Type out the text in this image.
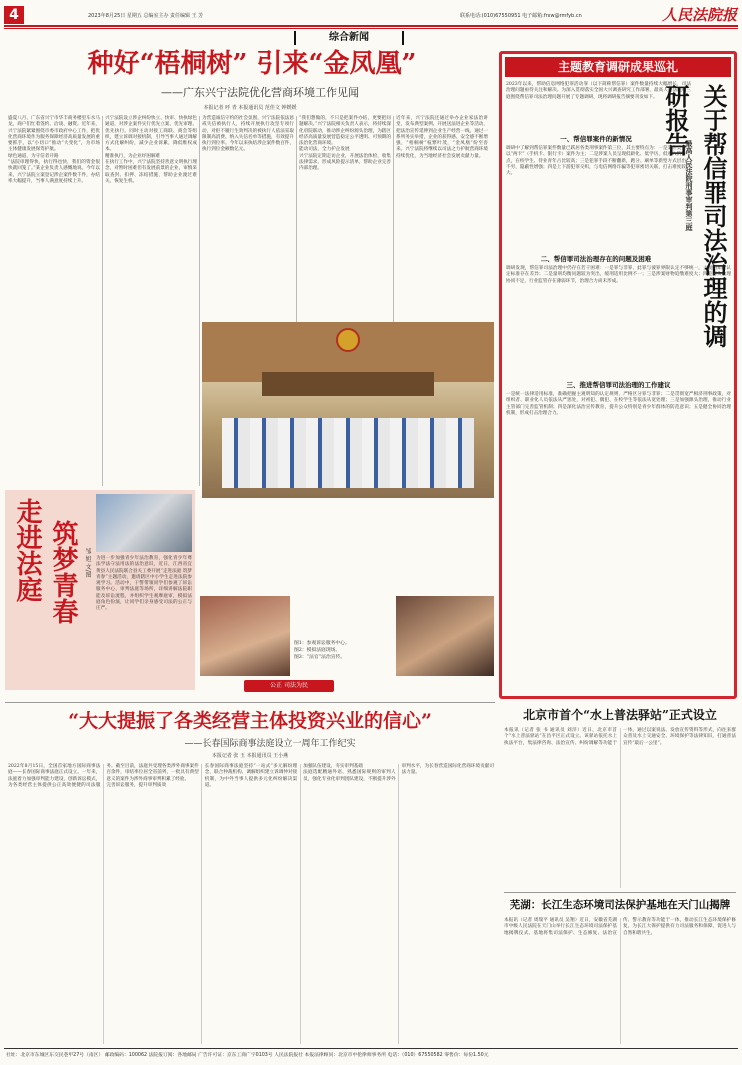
4	2023年8月25日 星期五 总编室主办 责任编辑 王 芳	联系电话:(010)67550951 电子邮箱:frxw@rmfyb.cn	人民法院报
综合新闻
种好“梧桐树” 引来“金凤凰”
——广东兴宁法院优化营商环境工作见闻
本报记者 呼 青 本报通讯员 范佳文 钟媛媛
盛夏八月，广东省兴宁市华丰商务楼里车水马龙，商户们忙着签约、洽谈、融资。近年来，兴宁法院紧紧围绕市委市政府中心工作，把优化营商环境作为服务保障经济高质量发展的重要抓手，以“小切口”推动“大变化”，为市场主体健康发展保驾护航。
绿色通道，为守信者开路
“法院审理得快，执行得也快，我们的资金很快就回笼了。”某企业负责人感慨地说。今年以来，兴宁法院立案登记涉企案件数千件，办结率大幅提升，当事人满意度持续上升。
兴宁法院设立涉企纠纷快立、快审、快执绿色通道，对涉企案件实行优先立案、优先审理、优先执行。同时主动对接工商联、商会等组织，建立诉调对接机制，引导当事人通过调解方式化解纠纷，减少企业诉累，降低维权成本。
精准执行，为企业纾困解难
在执行工作中，兴宁法院坚持善意文明执行理念，对暂时困难但有发展前景的企业，审慎采取查封、扣押、冻结措施，帮助企业渡过难关、恢复生机。
为营造诚信守约的社会氛围，兴宁法院依法惩戒失信被执行人，持续开展执行攻坚专项行动，对拒不履行生效判决的被执行人依法采取限制高消费、纳入失信名单等措施，有效提升执行到位率。今年以来执结涉企案件数百件，执行到位金额数亿元。
“我们想做的，不只是把案件办结，更要把问题解决。”兴宁法院相关负责人表示，将持续深化府院联动，推动涉企纠纷源头治理，为辖区经济高质量发展营造稳定公平透明、可预期的法治化营商环境。
能动司法，全力护企发展
兴宁法院定期走访企业，开展法治体检，收集法律需求，形成风险提示清单，帮助企业完善内部治理。
近年来，兴宁法院还通过举办企业家法治讲堂、发布典型案例、开展送法进企业等活动，把法治宣传延伸到企业生产经营一线。通过一系列务实举措，企业的获得感、安全感不断增强，“梧桐树”枝繁叶茂，“金凤凰”纷至沓来。兴宁法院将继续以司法之力护航营商环境持续优化，为当地经济社会发展贡献力量。
主题教育调研成果巡礼
2023年以来，帮助信息网络犯罪活动罪（以下简称帮信罪）案件数量持续大幅增长，司法治理问题亟待关注和解决。为深入贯彻落实全国大兴调查研究工作部署，最高人民法院刑三庭围绕帮信罪司法治理问题开展了专题调研，现将调研报告摘要刊发如下。	关于帮信罪司法治理的调研报告
最高人民法院刑事审判第三庭
一、帮信罪案件的新情况
调研中了解到帮信罪案件数量已跃居各类刑事案件第三位，其主要特点为：一是案件类型以“两卡”（手机卡、银行卡）案件为主；二是涉案人员呈现低龄化、低学历、低收入的特点，在校学生、待业青年占比较高；三是犯罪手段不断翻新，跑分、刷单等新型方式层出不穷，隐蔽性增强；四是上下游犯罪交织，与电信网络诈骗等犯罪密切关联，打击难度较大。
二、帮信罪司法治理存在的问题及困难
调研发现，帮信罪司法治理中仍存在若干困难：一是罪与非罪、此罪与彼罪界限认定不够统一，主观明知的认定标准存在差异；二是量刑均衡问题较为突出，缓刑适用比例不一；三是涉案财物追缴难度大；四是源头治理协同不足，行业监管存在薄弱环节，治理合力尚未形成。
三、推进帮信罪司法治理的工作建议
一是统一法律适用标准，准确把握主观明知的认定规则，严格区分罪与非罪；二是贯彻宽严相济刑事政策，对组织者、职业化人员依法从严惩处，对初犯、偶犯、在校学生等依法从宽处理；三是加强源头治理，推动行业主管部门完善监管机制；四是深化法治宣传教育，提升公众特别是青少年群体的防范意识；五是健全协同治理机制，形成打击治理合力。
走进法庭 筑梦青春	邹 旭 文/图 为进一步加强青少年法治教育，强化青少年尊法学法守法用法的法治意识，近日，江西省宜黄县人民法院联合县关工委开展“走进法庭 筑梦青春”主题活动，邀请辖区中小学生走进法院参观学习。活动中，干警带领同学们参观了诉讼服务中心、审判法庭等场所，详细讲解法院职能及诉讼流程，并组织学生观摩庭审，模拟法庭角色扮演，让同学们亲身感受司法的公正与庄严。
图1：参观诉讼服务中心。
图2：模拟法庭现场。
图3：“法官”法治宣传。
公正 司法为民
“大大提振了各类经营主体投资兴业的信心”
——长春国际商事法庭设立一周年工作纪实
本报记者 张 玉 本报通讯员 王小燕
2022年8月15日，全国首家地方国际商事法庭——长春国际商事法庭正式设立。一年来，法庭着力加强审判能力建设，创新诉讼模式，为各类经营主体提供公正高效便捷的司法服务。截至目前，法庭共受理各类涉外商事案件百余件，审结率位居全省前列，一批具有典型意义的案件为涉外商事审判积累了经验。
完善诉讼服务，提升审判质效
长春国际商事法庭坚持“一站式”多元解纷理念，联合仲裁机构、调解组织建立诉调仲对接机制，为中外当事人提供多元化纠纷解决渠道。
加强队伍建设，夯实审判基础
法庭选配精通外语、熟悉国际规则的审判人员，强化专业化审判团队建设，不断提升涉外审判水平，为长春营造国际化营商环境贡献司法力量。
北京市首个“水上普法驿站”正式设立
本报讯（记者 张 书 通讯员 刘洋）近日，北京市首个“水上普法驿站”在昌平区正式设立。该驿站依托水上执法平台，集法律咨询、法治宣传、纠纷调解等功能于一体，通过以案说法、发放宣传资料等形式，向往来群众普及水上交通安全、环境保护等法律知识，打通普法宣传“最后一公里”。
芜湖：长江生态环境司法保护基地在天门山揭牌
本报讯（记者 周瑞平 通讯员 吴翔）近日，安徽省芜湖市中级人民法院在天门山举行长江生态环境司法保护基地揭牌仪式。基地将集司法保护、生态修复、法治宣传、警示教育等功能于一体，推动长江生态环境保护修复，为长江大保护提供有力司法服务和保障，促进人与自然和谐共生。
社址：北京市东城区东交民巷甲27号（南区） 邮政编码：100062 法院报订阅：各地邮局 广告许可证：京东工商广字0103号 人民法院报社 本报法律顾问：北京市中伦律师事务所 电话：（010）67550582 零售价：每份1.50元
